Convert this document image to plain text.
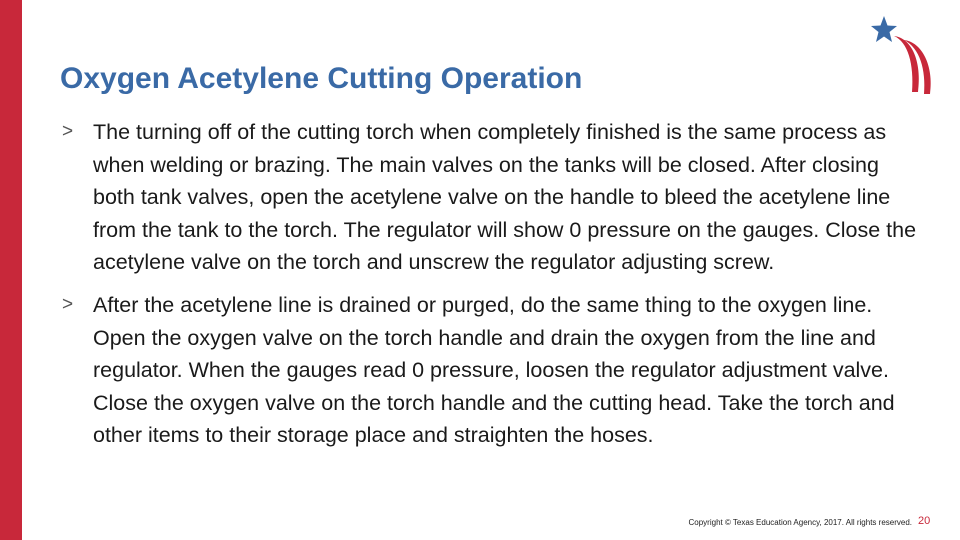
Oxygen Acetylene Cutting Operation
> The turning off of the cutting torch when completely finished is the same process as when welding or brazing. The main valves on the tanks will be closed. After closing both tank valves, open the acetylene valve on the handle to bleed the acetylene line from the tank to the torch. The regulator will show 0 pressure on the gauges. Close the acetylene valve on the torch and unscrew the regulator adjusting screw.
> After the acetylene line is drained or purged, do the same thing to the oxygen line. Open the oxygen valve on the torch handle and drain the oxygen from the line and regulator. When the gauges read 0 pressure, loosen the regulator adjustment valve. Close the oxygen valve on the torch handle and the cutting head. Take the torch and other items to their storage place and straighten the hoses.
Copyright © Texas Education Agency, 2017. All rights reserved. 20
